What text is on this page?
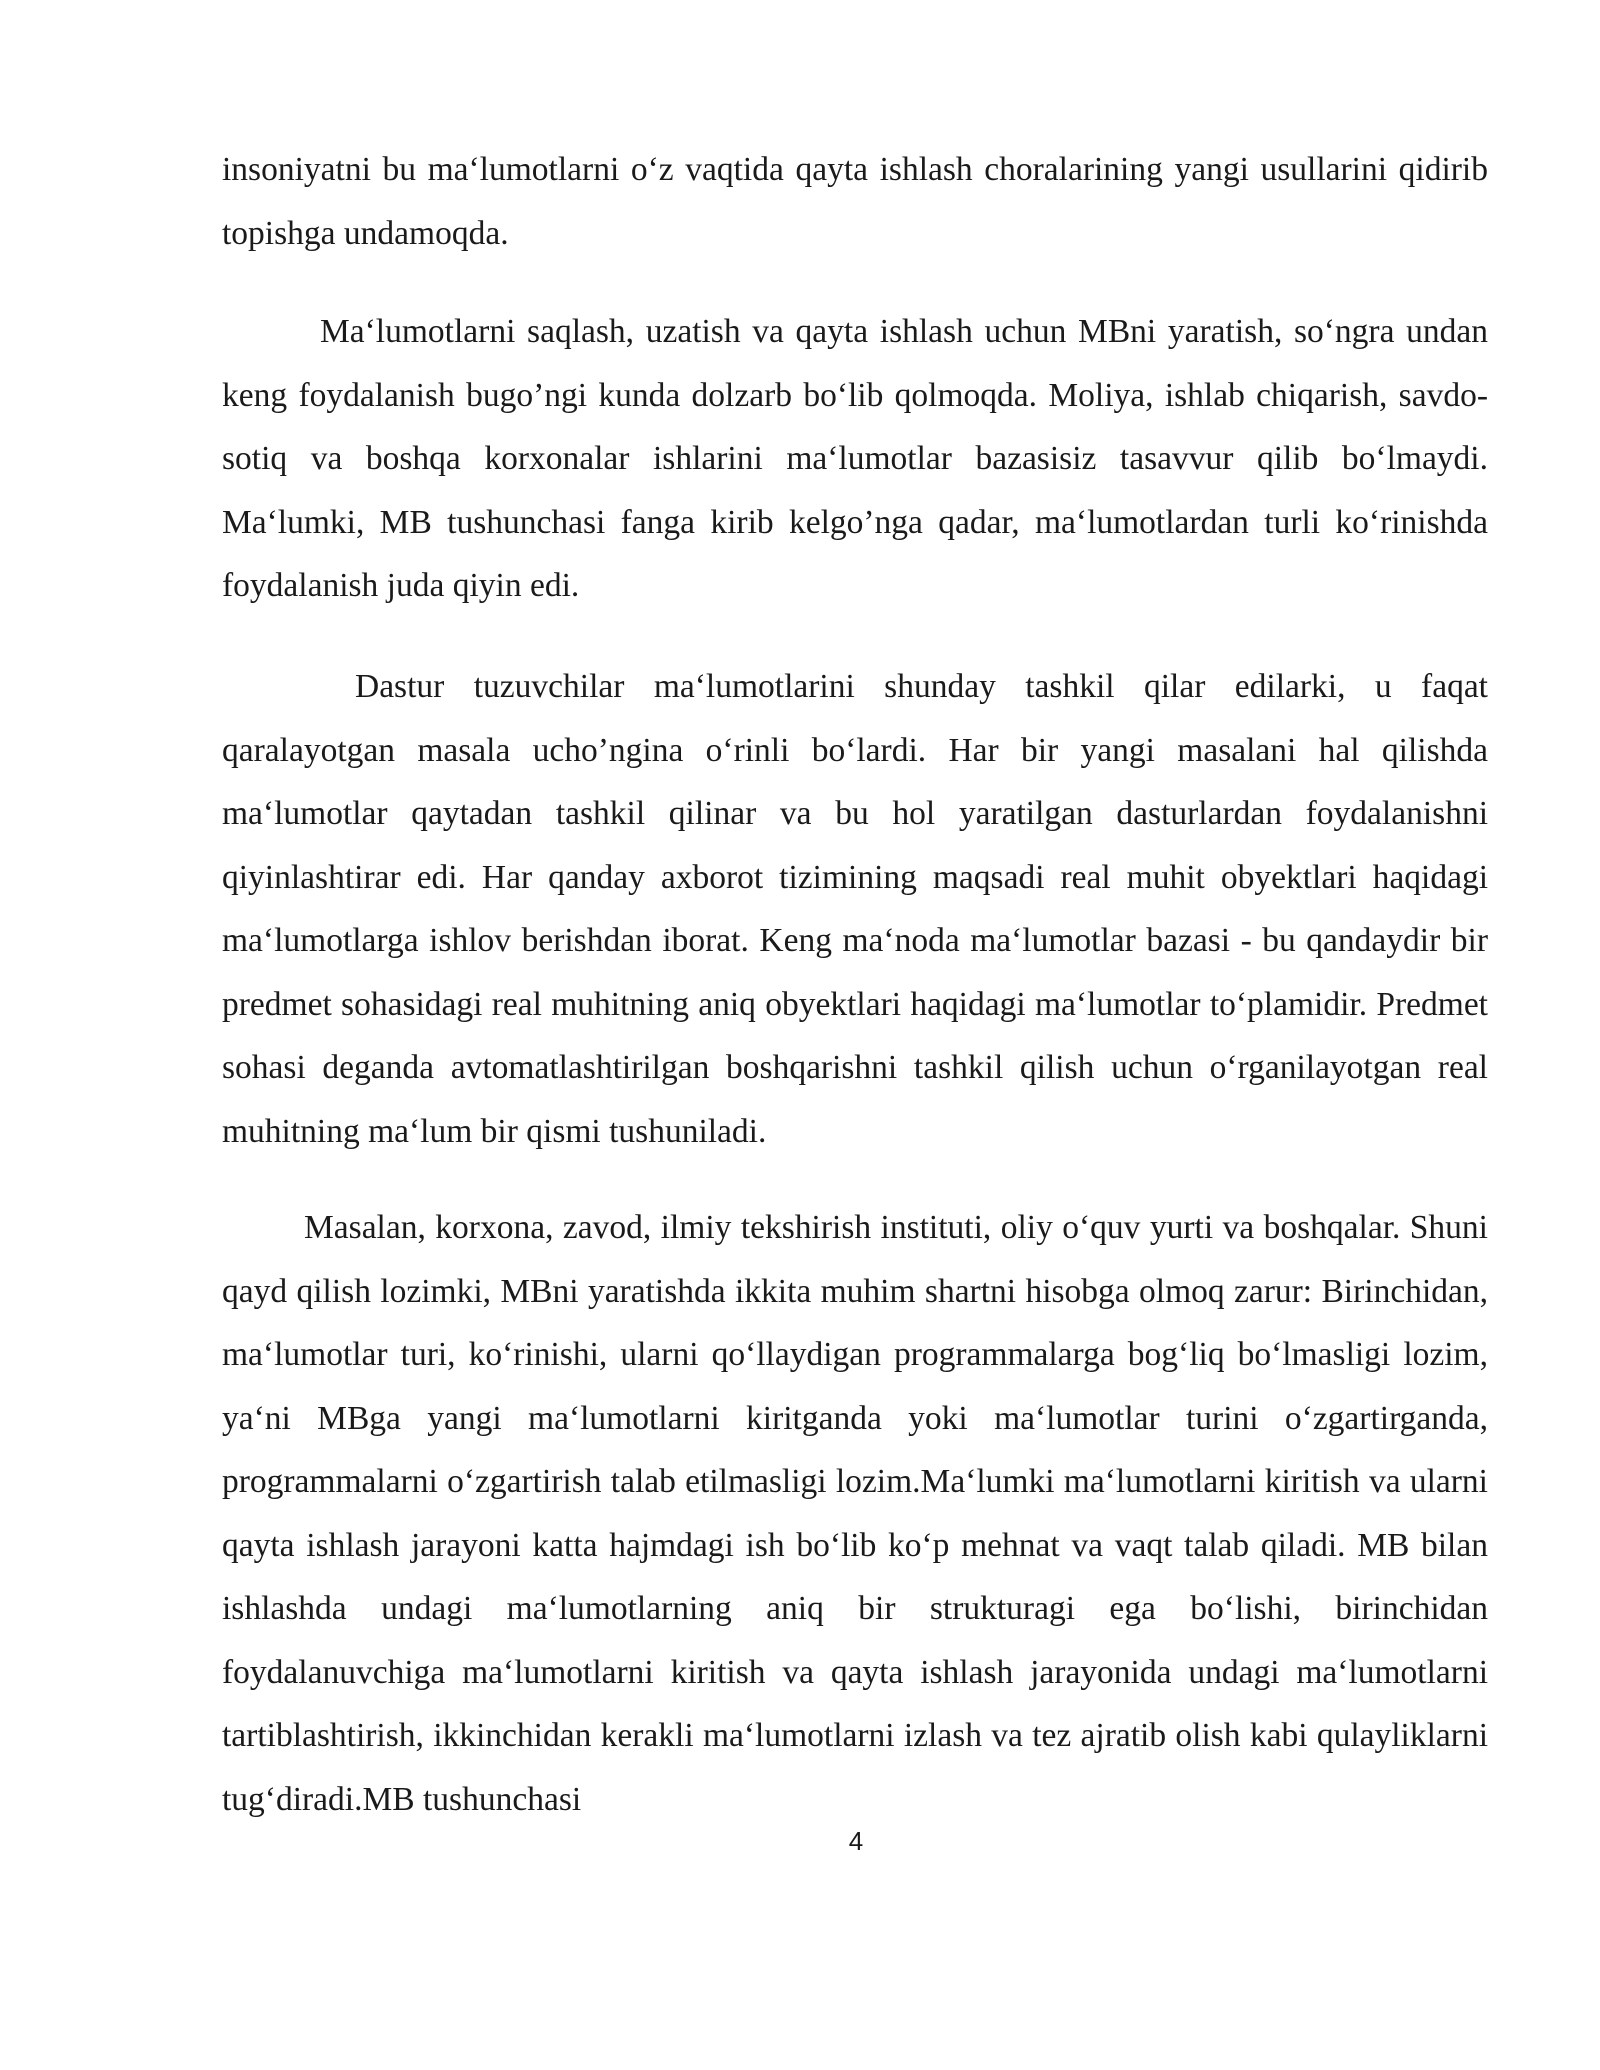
insoniyatni bu ma‘lumotlarni o‘z vaqtida qayta ishlash choralarining yangi usullarini qidirib topishga undamoqda.

Ma‘lumotlarni saqlash, uzatish va qayta ishlash uchun MBni yaratish, so‘ngra undan keng foydalanish bugo’ngi kunda dolzarb bo‘lib qolmoqda. Moliya, ishlab chiqarish, savdo-sotiq va boshqa korxonalar ishlarini ma‘lumotlar bazasisiz tasavvur qilib bo‘lmaydi. Ma‘lumki, MB tushunchasi fanga kirib kelgo’nga qadar, ma‘lumotlardan turli ko‘rinishda foydalanish juda qiyin edi.

Dastur tuzuvchilar ma‘lumotlarini shunday tashkil qilar edilarki, u faqat qaralayotgan masala ucho’ngina o‘rinli bo‘lardi. Har bir yangi masalani hal qilishda ma‘lumotlar qaytadan tashkil qilinar va bu hol yaratilgan dasturlardan foydalanishni qiyinlashtirar edi. Har qanday axborot tizimining maqsadi real muhit obyektlari haqidagi ma‘lumotlarga ishlov berishdan iborat. Keng ma‘noda ma‘lumotlar bazasi - bu qandaydir bir predmet sohasidagi real muhitning aniq obyektlari haqidagi ma‘lumotlar to‘plamidir. Predmet sohasi deganda avtomatlashtirilgan boshqarishni tashkil qilish uchun o‘rganilayotgan real muhitning ma‘lum bir qismi tushuniladi.

Masalan, korxona, zavod, ilmiy tekshirish instituti, oliy o‘quv yurti va boshqalar. Shuni qayd qilish lozimki, MBni yaratishda ikkita muhim shartni hisobga olmoq zarur: Birinchidan, ma‘lumotlar turi, ko‘rinishi, ularni qo‘llaydigan programmalarga bog‘liq bo‘lmasligi lozim, ya‘ni MBga yangi ma‘lumotlarni kiritganda yoki ma‘lumotlar turini o‘zgartirganda, programmalarni o‘zgartirish talab etilmasligi lozim.Ma‘lumki ma‘lumotlarni kiritish va ularni qayta ishlash jarayoni katta hajmdagi ish bo‘lib ko‘p mehnat va vaqt talab qiladi. MB bilan ishlashda undagi ma‘lumotlarning aniq bir strukturagi ega bo‘lishi, birinchidan foydalanuvchiga ma‘lumotlarni kiritish va qayta ishlash jarayonida undagi ma‘lumotlarni tartiblashtirish, ikkinchidan kerakli ma‘lumotlarni izlash va tez ajratib olish kabi qulayliklarni tug‘diradi.MB tushunchasi

4
